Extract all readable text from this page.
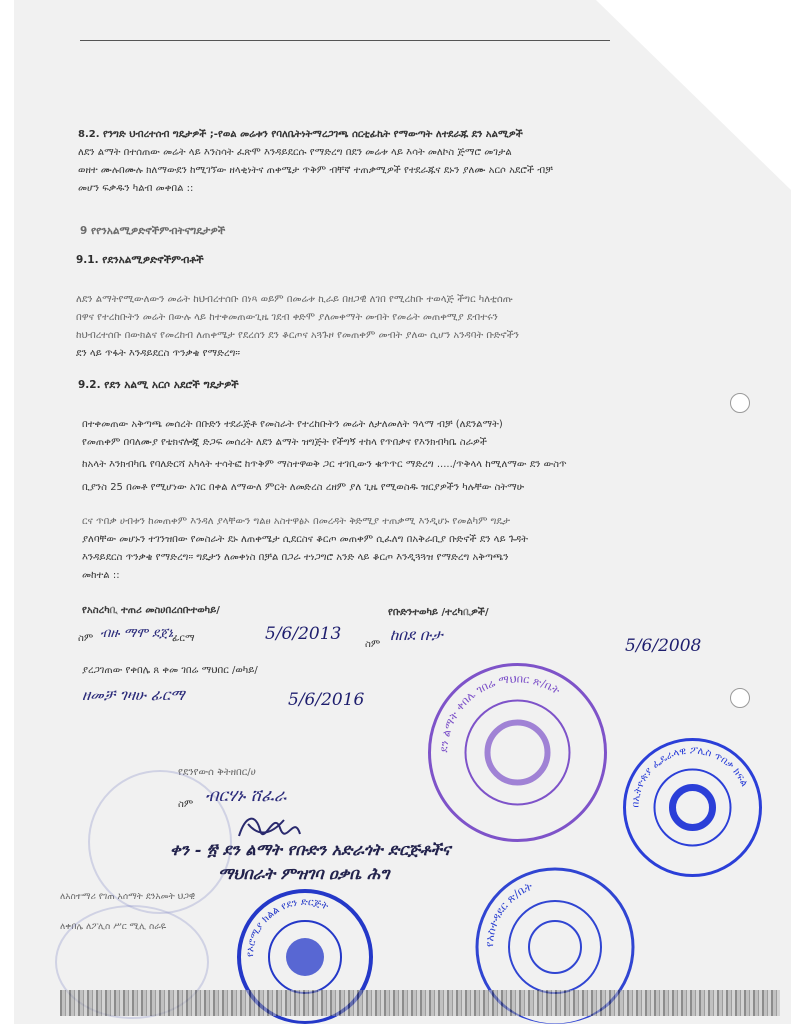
8.2. የንግድ ህብረተሰብ ግዴታዎች ;-የወል መሬቱን የባለቤትነትማረጋገጫ ሰርቲፊኬት የማውጣት ለተደራጁ ደን አልሚዎች
ለደን ልማት በተሰጠው መሬት ላይ እንስሳት ፈጽሞ እንዳይደርሱ የማድረግ በደን መሬቱ ላይ እሳት መለኮስ ጅማሮ መገታል
ወዘተ ሙሉበሙሉ ክለማውደን ከሚገኘው ዘላቂነትና ጠቀሜታ ጥቅም ብቸኛ ተጠቃሚዎች የተደራጁና ደኑን ያለሙ አርሶ አደሮች ብቻ
መሆን ፍቃዱን ካልብ መቀበል ::
9 የየንአልሚዎድኖችምብትናግዴታዎች
9.1. የደንአልሚዎድኖችምብቶች
ለደን ልማትየሚውለውን መሬት ከህብረተሰቡ በነጻ ወይም በመሬቱ ኪራይ በዘጋዊ ለገበ የሚረከቡ ተወላጅ ችግር ካለቲሰጡ
በዋና የተረከቡትን መሬት በውሉ ላይ ከተቀመጠውጊዜ ገደብ ቀድሞ ያለመቀማት መብት የመሬት መጠቀሚያ ደብተሩን
ከህብረተሰቡ በውክልና የመረከብ ለጠቀሜታ የደረሰን ደን ቆርጦና አጓጉዞ የመጠቀም መብት ያለው ሲሆን አንዳባት ቡድኖችን
ደን ላይ ጥፋት እንዳይደርስ ጥንቃቄ የማድረግ።
9.2. የደን አልሚ አርሶ አደሮች ግዴታዎች
በተቀመጠው አቅጣጫ መሰረት በቡድን ተደራጅቶ የመስራት የተረከቡትን መሬት ለታለመለት ዓላማ ብቻ (ለደንልማት)
የመጠቀም በባለሙያ የቴክኖሎጂ ድጋፍ መሰረት ለደን ልማት ዝግጅት የችግኝ ተከላ የጥበቃና የእንክብካቤ ስራዎች
ከአላት እንክብካቤ የባለድርሻ አካላት ተሳትፎ ከጥቅም ማስተዋወቅ ጋር ተገቢውን ቁጥጥር ማድረግ ...../ጥቅላላ ከሚለማው ደን ውስጥ
ቢያንስ 25 በመቶ የሚሆነው አገር በቀል ለማውለ ምርት ለመድረስ ረዘም ያለ ጊዜ የሚወስዱ ዝርያዎችን ካሉቸው ስትማሁ
ርና ጥበቃ ሀብቱን ከመጠቀም እንዳለ ያላቸውን ግልፀ አስተዋፅኦ በመረዳት ቅድሚያ ተጠቃሚ እንዲሆኑ የመልካም ግዴታ
ያለባቸው መሆኑን ተገንዝበው የመስራት ደኑ ለጠቀሜታ ሲደርስና ቆርጦ መጠቀም ሲፈለግ በአቅራቢያ ቡድኖች ደን ላይ ጉዳት
እንዳይደርስ ጥንቃቄ የማድረግ። ግዴታን ለመቀነስ በቻል በጋራ ተነጋግሮ አንድ ላይ ቆርጦ እንዲጓጓዝ የማድረግ አቅጣጫን
መከተል ::
የአስረካቢ ተጠሪ መስሀበረሰቡተወካይ/	የቡድንተወካይ /ተረካቢዎች/
ስም ብዙ ማሞ ደጀኔ
ፊርማ	5/6/2013
ስም
ከበደ ቡታ
5/6/2008
ያረጋገጠው የቀበሌ ጸ ቀመ ገበሬ ማህበር /ወካይ/
ዘመቻ ገዛሁ ፊርማ	5/6/2016
የደንየውሰ ቅትዘበር/ሀ
ስም ብርሃኑ ሸፈራ
ቀን - ፳ ደን ልማት የቡድን አድራጎት ድርጅቶችና
ማህበራት ምዝገባ ዐቃቤ ሕግ
ለአስተማሪ የገጠ አሰማት ደንአመት ህጋዊ
ለቀበሌ ለፖሊስ ሥር ሚሊ ስራዬ
ደን ልማት ቀበሌ ገበሬ ማህበር ጽ/ቤት
በኢትዮጵያ ፌዴራላዊ ፖሊስ ጥበቃ ክፍል
የኦሮሚያ ክልል የደን ድርጅት
የአስተዳደር ጽ/ቤት
